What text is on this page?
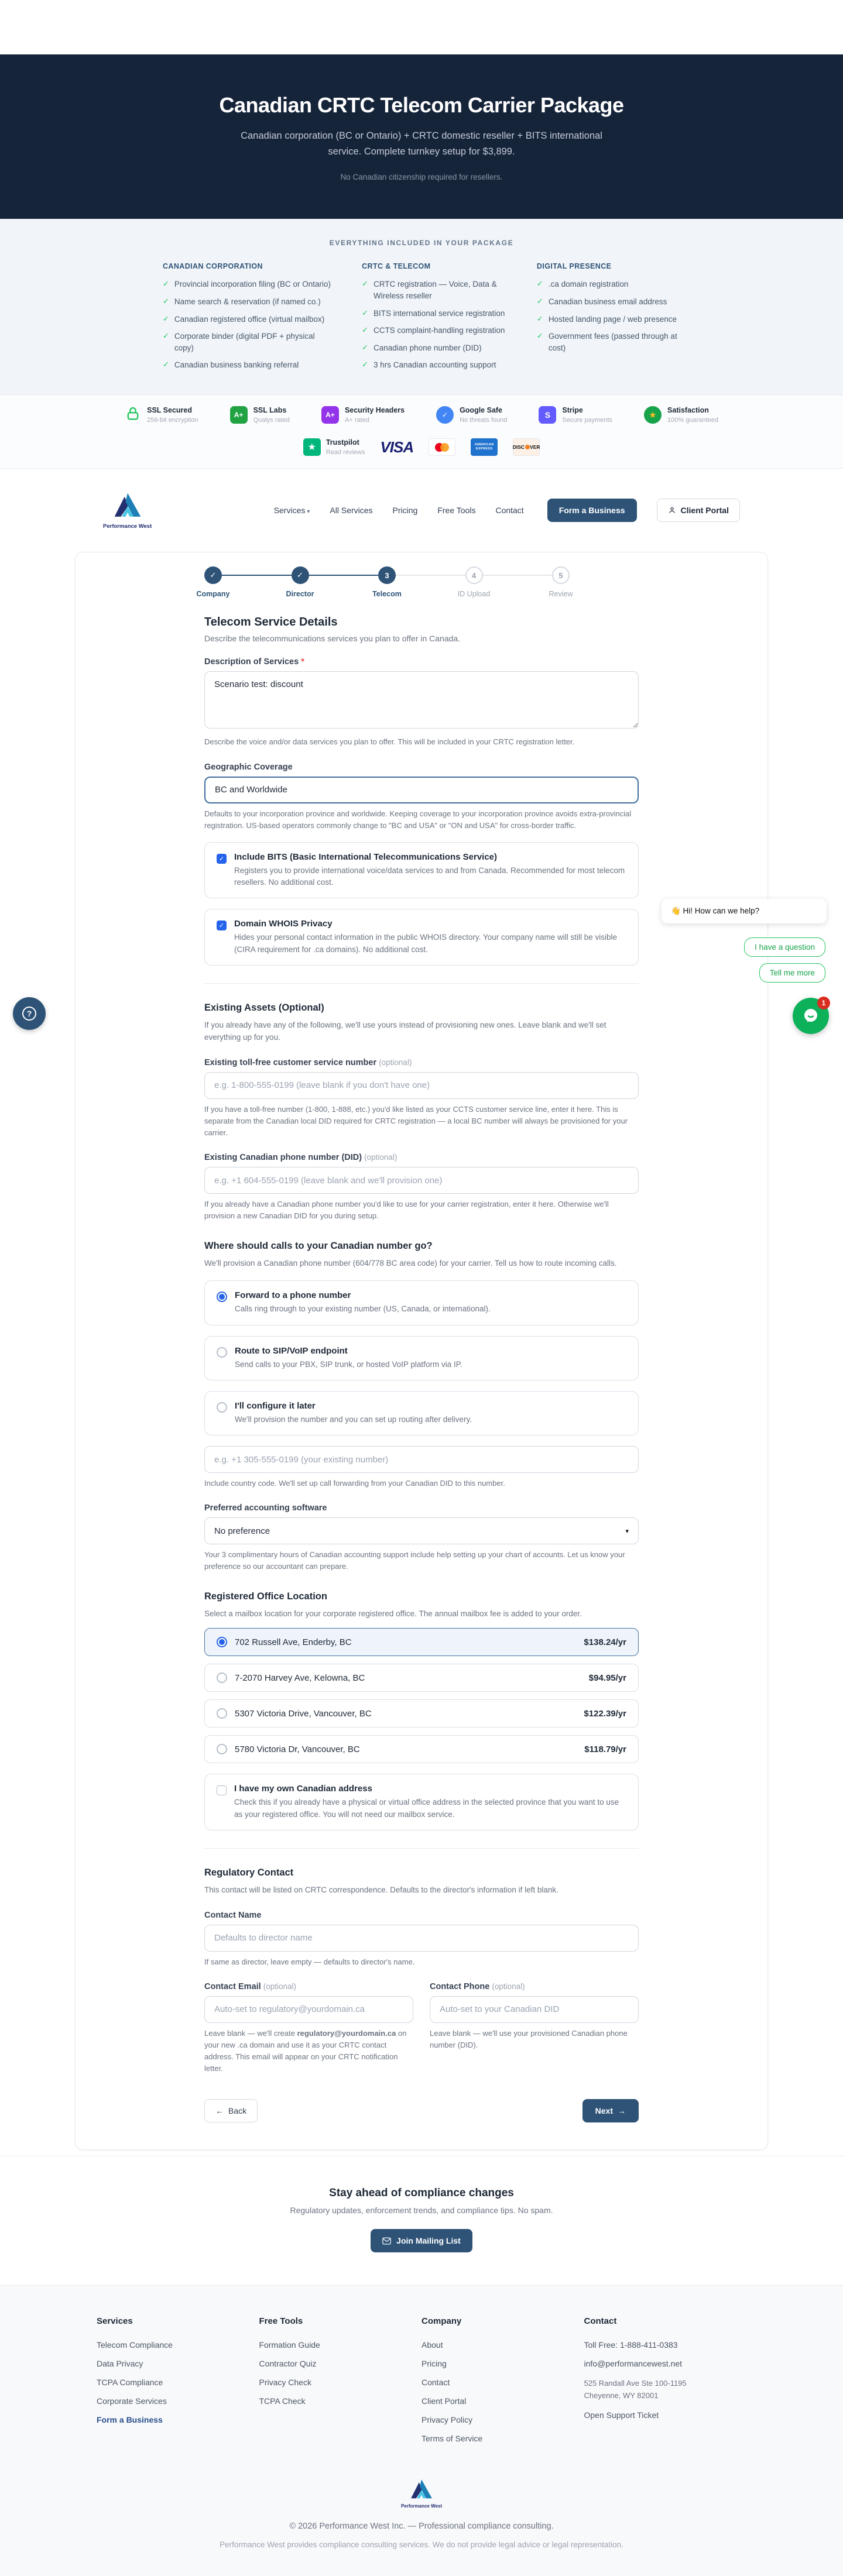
Canadian CRTC Telecom Carrier Package

Canadian corporation (BC or Ontario) + CRTC domestic reseller + BITS international service. Complete turnkey setup for $3,899.

No Canadian citizenship required for resellers.

EVERYTHING INCLUDED IN YOUR PACKAGE
CANADIAN CORPORATION
✓ Provincial incorporation filing (BC or Ontario)
✓ Name search & reservation (if named co.)
✓ Canadian registered office (virtual mailbox)
✓ Corporate binder (digital PDF + physical copy)
✓ Canadian business banking referral
CRTC & TELECOM
✓ CRTC registration — Voice, Data & Wireless reseller
✓ BITS international service registration
✓ CCTS complaint-handling registration
✓ Canadian phone number (DID)
✓ 3 hrs Canadian accounting support
DIGITAL PRESENCE
✓ .ca domain registration
✓ Canadian business email address
✓ Hosted landing page / web presence
✓ Government fees (passed through at cost)
SSL Secured
256-bit encryption
A+
SSL Labs
Qualys rated
A+
Security Headers
A+ rated
✓
Google Safe
No threats found
S
Stripe
Secure payments	★
Satisfaction
100% guaranteed
★
Trustpilot
Read reviews VISA	AMERICAN
EXPRESS	DISC VER
Performance West
Services ▾ All Services Pricing Free Tools Contact	Form a Business	Client Portal
✓
Company
✓
Director
3
Telecom
4
ID Upload
5
Review
Telecom Service Details

Describe the telecommunications services you plan to offer in Canada.

Description of Services *
Scenario test: discount

Describe the voice and/or data services you plan to offer. This will be included in your CRTC registration letter.

Geographic Coverage
BC and Worldwide

Defaults to your incorporation province and worldwide. Keeping coverage to your incorporation province avoids extra-provincial registration. US-based operators commonly change to "BC and USA" or "ON and USA" for cross-border traffic.

✓ Include BITS (Basic International Telecommunications Service)
Registers you to provide international voice/data services to and from Canada. Recommended for most telecom resellers. No additional cost.
✓ Domain WHOIS Privacy
Hides your personal contact information in the public WHOIS directory. Your company name will still be visible (CIRA requirement for .ca domains). No additional cost.
Existing Assets (Optional)

If you already have any of the following, we'll use yours instead of provisioning new ones. Leave blank and we'll set everything up for you.

Existing toll-free customer service number (optional)
e.g. 1-800-555-0199 (leave blank if you don't have one)

If you have a toll-free number (1-800, 1-888, etc.) you'd like listed as your CCTS customer service line, enter it here. This is separate from the Canadian local DID required for CRTC registration — a local BC number will always be provisioned for your carrier.

Existing Canadian phone number (DID) (optional)
e.g. +1 604-555-0199 (leave blank and we'll provision one)

If you already have a Canadian phone number you'd like to use for your carrier registration, enter it here. Otherwise we'll provision a new Canadian DID for you during setup.

Where should calls to your Canadian number go?

We'll provision a Canadian phone number (604/778 BC area code) for your carrier. Tell us how to route incoming calls.

Forward to a phone number
Calls ring through to your existing number (US, Canada, or international).
Route to SIP/VoIP endpoint
Send calls to your PBX, SIP trunk, or hosted VoIP platform via IP.
I'll configure it later
We'll provision the number and you can set up routing after delivery.
e.g. +1 305-555-0199 (your existing number)

Include country code. We'll set up call forwarding from your Canadian DID to this number.

Preferred accounting software
No preference	▾

Your 3 complimentary hours of Canadian accounting support include help setting up your chart of accounts. Let us know your preference so our accountant can prepare.

Registered Office Location

Select a mailbox location for your corporate registered office. The annual mailbox fee is added to your order.

702 Russell Ave, Enderby, BC	$138.24/yr
7-2070 Harvey Ave, Kelowna, BC	$94.95/yr
5307 Victoria Drive, Vancouver, BC	$122.39/yr
5780 Victoria Dr, Vancouver, BC	$118.79/yr
I have my own Canadian address
Check this if you already have a physical or virtual office address in the selected province that you want to use as your registered office. You will not need our mailbox service.
Regulatory Contact

This contact will be listed on CRTC correspondence. Defaults to the director's information if left blank.

Contact Name
Defaults to director name

If same as director, leave empty — defaults to director's name.

Contact Email (optional)
Auto-set to regulatory@yourdomain.ca

Leave blank — we'll create regulatory@yourdomain.ca on your new .ca domain and use it as your CRTC contact address. This email will appear on your CRTC notification letter.

Contact Phone (optional)
Auto-set to your Canadian DID

Leave blank — we'll use your provisioned Canadian phone number (DID).

← Back	Next →
Stay ahead of compliance changes

Regulatory updates, enforcement trends, and compliance tips. No spam.

Join Mailing List
Services
Telecom Compliance
Data Privacy
TCPA Compliance
Corporate Services
Form a Business
Free Tools
Formation Guide
Contractor Quiz
Privacy Check
TCPA Check
Company
About
Pricing
Contact
Client Portal
Privacy Policy
Terms of Service
Contact
Toll Free: 1-888-411-0383
info@performancewest.net
525 Randall Ave Ste 100-1195
Cheyenne, WY 82001
Open Support Ticket
Performance West
© 2026 Performance West Inc. — Professional compliance consulting.
Performance West provides compliance consulting services. We do not provide legal advice or legal representation.
?
👋 Hi! How can we help?
I have a question
Tell me more
1
